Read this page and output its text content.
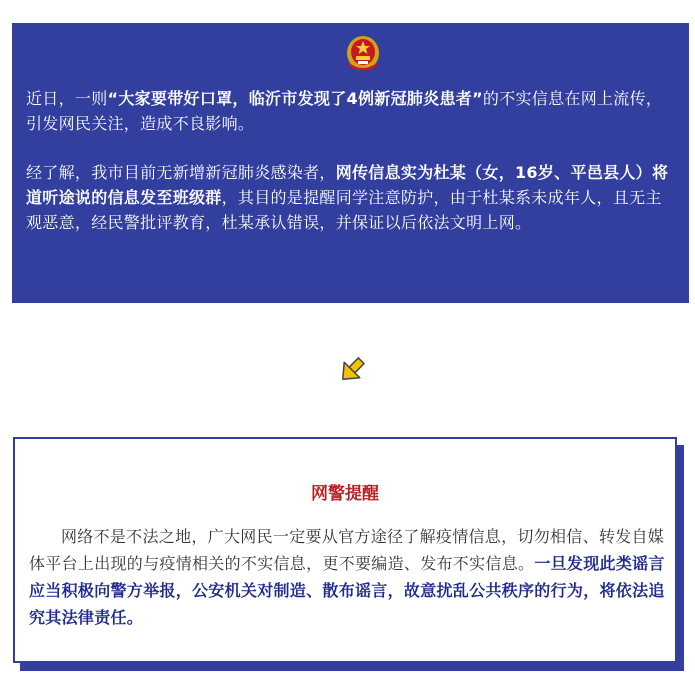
近日，一则“大家要带好口罩，临沂市发现了4例新冠肺炎患者”的不实信息在网上流传，引发网民关注，造成不良影响。

经了解，我市目前无新增新冠肺炎感染者，网传信息实为杜某（女，16岁、平邑县人）将道听途说的信息发至班级群，其目的是提醒同学注意防护，由于杜某系未成年人，且无主观恶意，经民警批评教育，杜某承认错误，并保证以后依法文明上网。

网警提醒

网络不是不法之地，广大网民一定要从官方途径了解疫情信息，切勿相信、转发自媒体平台上出现的与疫情相关的不实信息，更不要编造、发布不实信息。一旦发现此类谣言应当积极向警方举报，公安机关对制造、散布谣言，故意扰乱公共秩序的行为，将依法追究其法律责任。
